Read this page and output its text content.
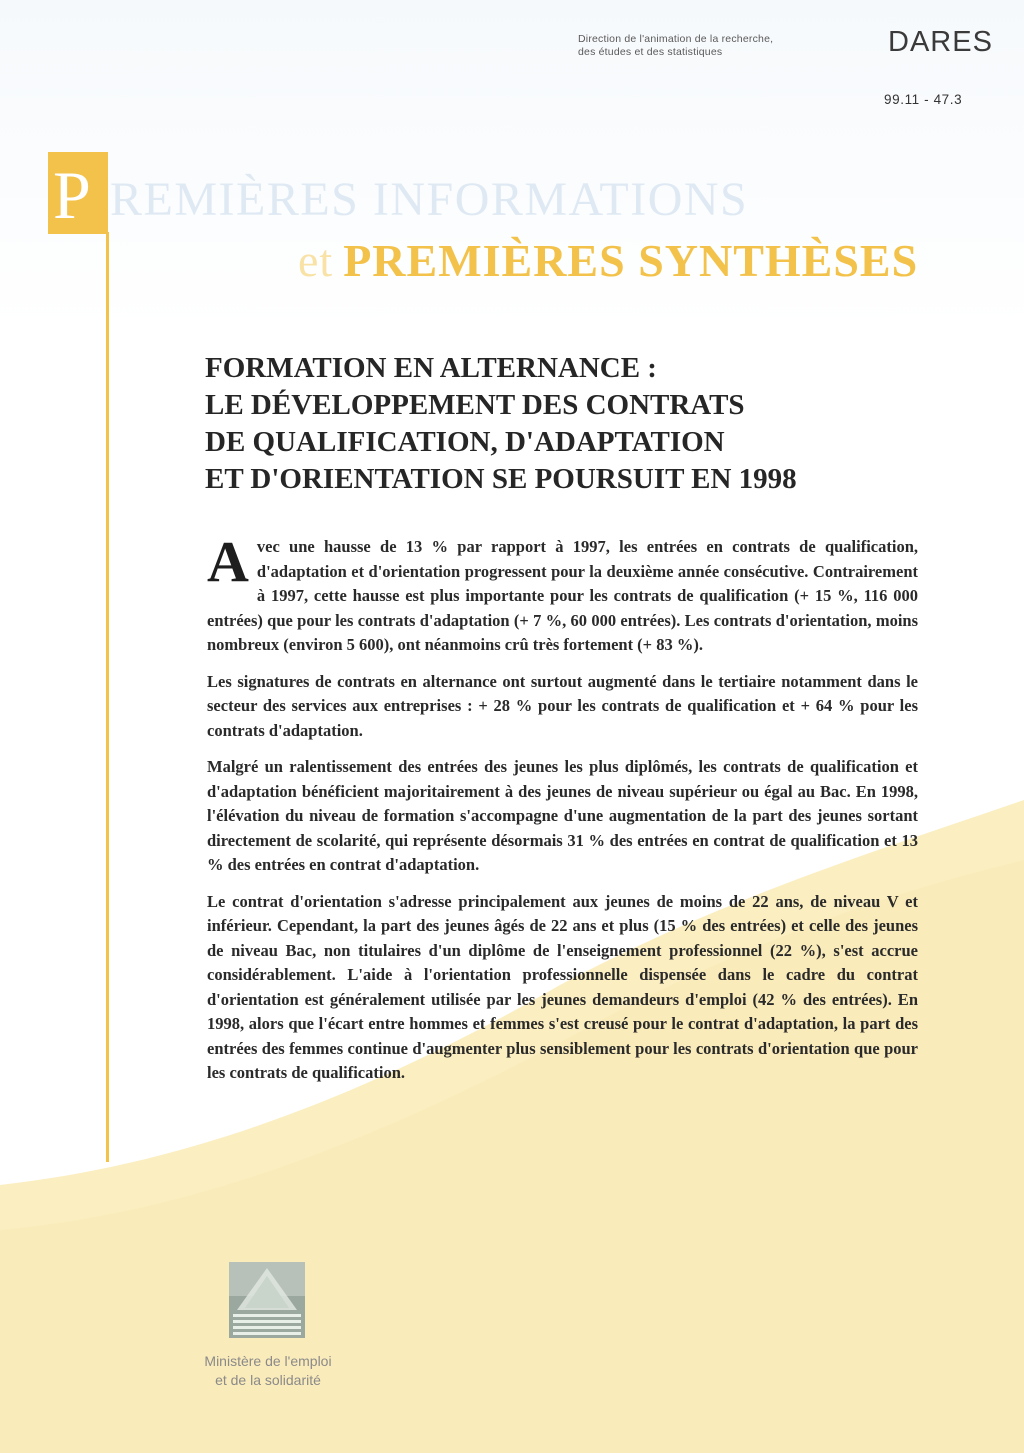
Direction de l'animation de la recherche,
des études et des statistiques	DARES
99.11 - 47.3
P REMIÈRES INFORMATIONS
et PREMIÈRES SYNTHÈSES
FORMATION EN ALTERNANCE :
LE DÉVELOPPEMENT DES CONTRATS
DE QUALIFICATION, D'ADAPTATION
ET D'ORIENTATION SE POURSUIT EN 1998

Avec une hausse de 13 % par rapport à 1997, les entrées en contrats de qualification, d'adaptation et d'orientation progressent pour la deuxième année consécutive. Contrairement à 1997, cette hausse est plus importante pour les contrats de qualification (+ 15 %, 116 000 entrées) que pour les contrats d'adaptation (+ 7 %, 60 000 entrées). Les contrats d'orientation, moins nombreux (environ 5 600), ont néanmoins crû très fortement (+ 83 %).

Les signatures de contrats en alternance ont surtout augmenté dans le tertiaire notamment dans le secteur des services aux entreprises : + 28 % pour les contrats de qualification et + 64 % pour les contrats d'adaptation.

Malgré un ralentissement des entrées des jeunes les plus diplômés, les contrats de qualification et d'adaptation bénéficient majoritairement à des jeunes de niveau supérieur ou égal au Bac. En 1998, l'élévation du niveau de formation s'accompagne d'une augmentation de la part des jeunes sortant directement de scolarité, qui représente désormais 31 % des entrées en contrat de qualification et 13 % des entrées en contrat d'adaptation.

Le contrat d'orientation s'adresse principalement aux jeunes de moins de 22 ans, de niveau V et inférieur. Cependant, la part des jeunes âgés de 22 ans et plus (15 % des entrées) et celle des jeunes de niveau Bac, non titulaires d'un diplôme de l'enseignement professionnel (22 %), s'est accrue considérablement. L'aide à l'orientation professionnelle dispensée dans le cadre du contrat d'orientation est généralement utilisée par les jeunes demandeurs d'emploi (42 % des entrées). En 1998, alors que l'écart entre hommes et femmes s'est creusé pour le contrat d'adaptation, la part des entrées des femmes continue d'augmenter plus sensiblement pour les contrats d'orientation que pour les contrats de qualification.

Ministère de l'emploi
et de la solidarité
